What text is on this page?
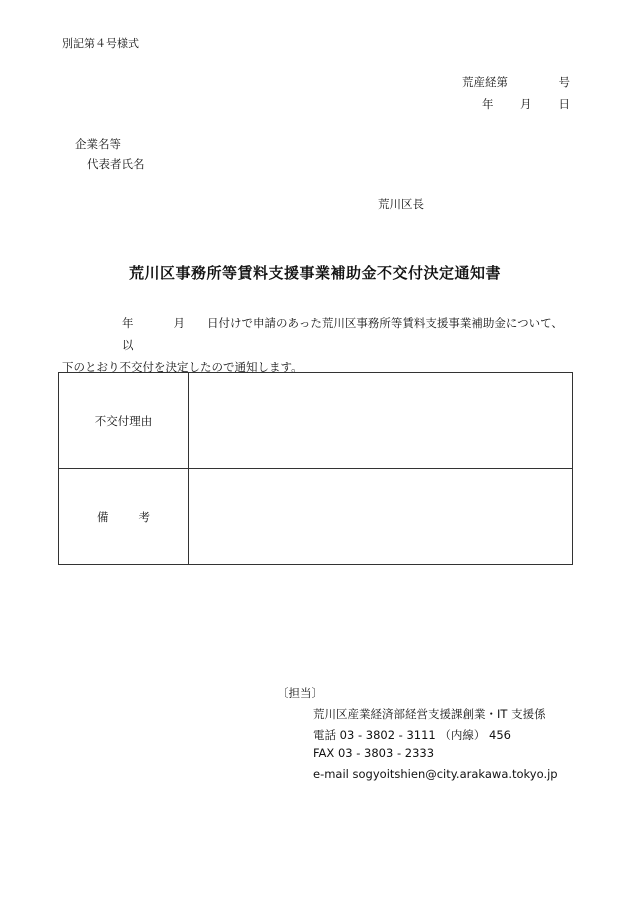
別記第４号様式
荒産経第	号
年 月 日
企業名等
代表者氏名
荒川区長
荒川区事務所等賃料支援事業補助金不交付決定通知書
年	月 日付けで申請のあった荒川区事務所等賃料支援事業補助金について、以
下のとおり不交付を決定したので通知します。
不交付理由	
備考	
〔担当〕
荒川区産業経済部経営支援課創業・IT 支援係
電話 03 - 3802 - 3111 （内線） 456
FAX 03 - 3803 - 2333
e-mail sogyoitshien@city.arakawa.tokyo.jp
